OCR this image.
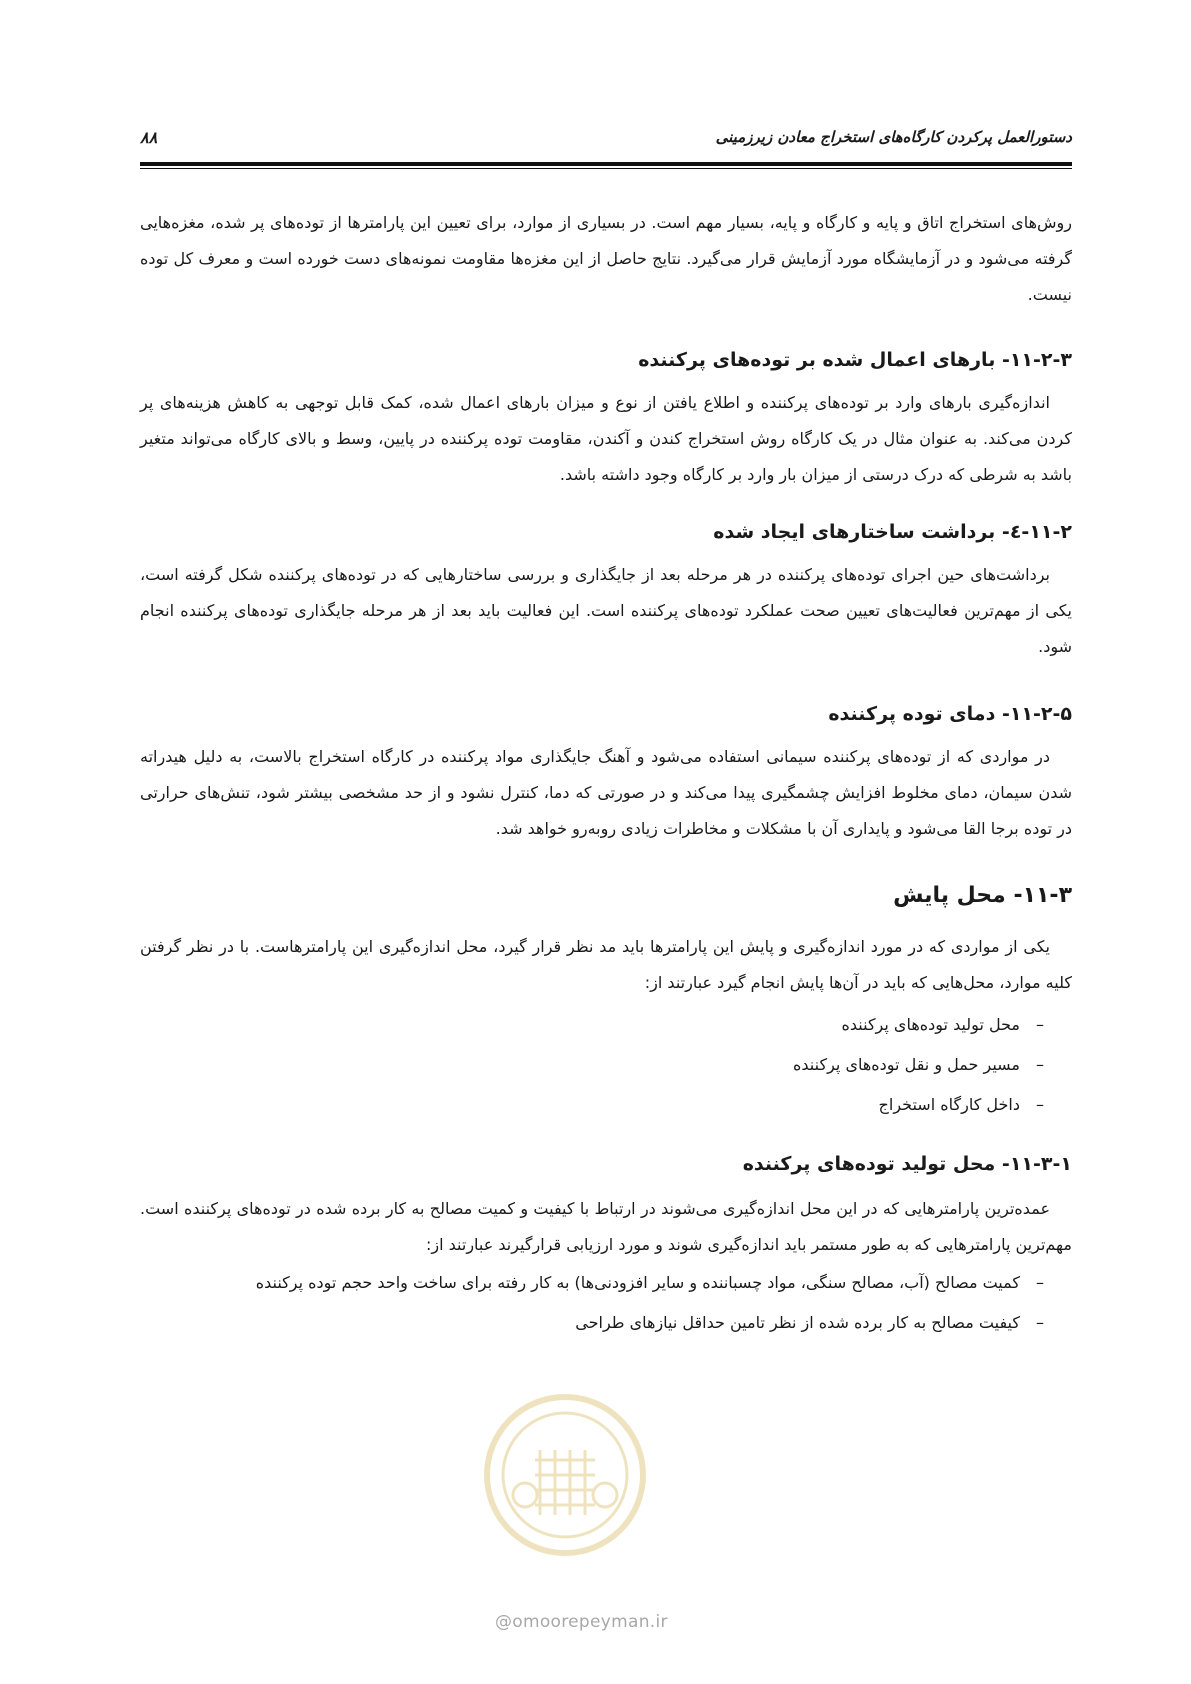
دستورالعمل پرکردن کارگاه‌های استخراج معادن زیرزمینی
۸۸

روش‌های استخراج اتاق و پایه و کارگاه و پایه، بسیار مهم است. در بسیاری از موارد، برای تعیین این پارامترها از توده‌های پر شده، مغزه‌هایی گرفته می‌شود و در آزمایشگاه مورد آزمایش قرار می‌گیرد. نتایج حاصل از این مغزه‌ها مقاومت نمونه‌های دست خورده است و معرف کل توده نیست.

۱۱-۲-۳- بارهای اعمال شده بر توده‌های پرکننده

اندازه‌گیری بارهای وارد بر توده‌های پرکننده و اطلاع یافتن از نوع و میزان بارهای اعمال شده، کمک قابل توجهی به کاهش هزینه‌های پر کردن می‌کند. به عنوان مثال در یک کارگاه روش استخراج کندن و آکندن، مقاومت توده پرکننده در پایین، وسط و بالای کارگاه می‌تواند متغیر باشد به شرطی که درک درستی از میزان بار وارد بر کارگاه وجود داشته باشد.

۱۱-۲-٤- برداشت ساختارهای ایجاد شده

برداشت‌های حین اجرای توده‌های پرکننده در هر مرحله بعد از جایگذاری و بررسی ساختارهایی که در توده‌های پرکننده شکل گرفته است، یکی از مهم‌ترین فعالیت‌های تعیین صحت عملکرد توده‌های پرکننده است. این فعالیت باید بعد از هر مرحله جایگذاری توده‌های پرکننده انجام شود.

۱۱-۲-۵- دمای توده پرکننده

در مواردی که از توده‌های پرکننده سیمانی استفاده می‌شود و آهنگ جایگذاری مواد پرکننده در کارگاه استخراج بالاست، به دلیل هیدراته شدن سیمان، دمای مخلوط افزایش چشمگیری پیدا می‌کند و در صورتی که دما، کنترل نشود و از حد مشخصی بیشتر شود، تنش‌های حرارتی در توده برجا القا می‌شود و پایداری آن با مشکلات و مخاطرات زیادی روبه‌رو خواهد شد.

۱۱-۳- محل پایش

یکی از مواردی که در مورد اندازه‌گیری و پایش این پارامترها باید مد نظر قرار گیرد، محل اندازه‌گیری این پارامترهاست. با در نظر گرفتن کلیه موارد، محل‌هایی که باید در آن‌ها پایش انجام گیرد عبارتند از:

– محل تولید توده‌های پرکننده
– مسیر حمل و نقل توده‌های پرکننده
– داخل کارگاه استخراج
۱۱-۳-۱- محل تولید توده‌های پرکننده

عمده‌ترین پارامترهایی که در این محل اندازه‌گیری می‌شوند در ارتباط با کیفیت و کمیت مصالح به کار برده شده در توده‌های پرکننده است. مهم‌ترین پارامترهایی که به طور مستمر باید اندازه‌گیری شوند و مورد ارزیابی قرارگیرند عبارتند از:

– کمیت مصالح (آب، مصالح سنگی، مواد چسباننده و سایر افزودنی‌ها) به کار رفته برای ساخت واحد حجم توده پرکننده
– کیفیت مصالح به کار برده شده از نظر تامین حداقل نیازهای طراحی
@omoorepeyman.ir
